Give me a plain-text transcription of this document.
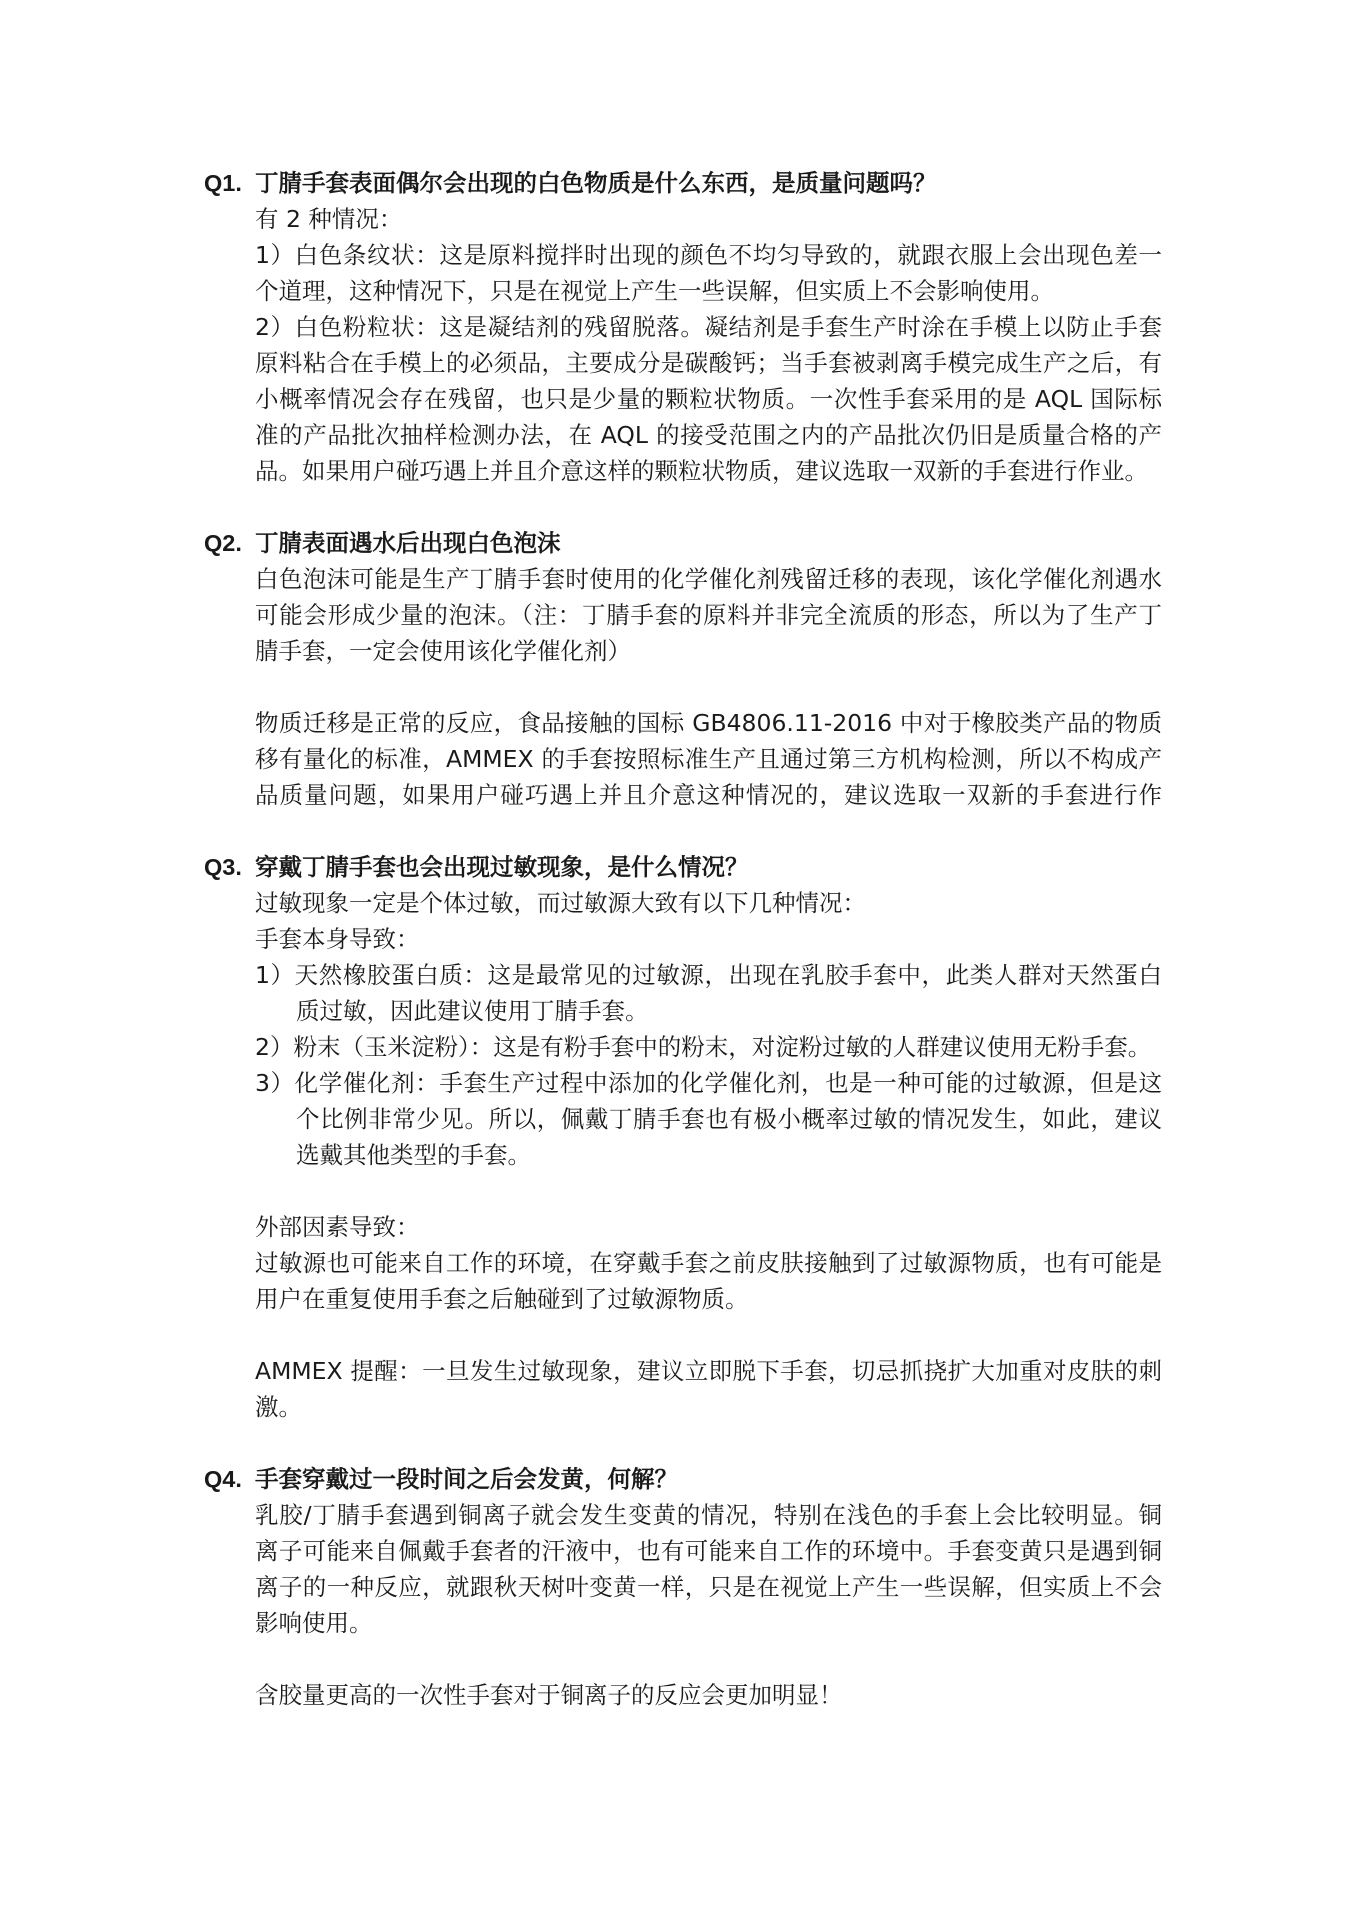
Q1. 丁腈手套表面偶尔会出现的白色物质是什么东西，是质量问题吗？
有 2 种情况：
1）白色条纹状：这是原料搅拌时出现的颜色不均匀导致的，就跟衣服上会出现色差一
个道理，这种情况下，只是在视觉上产生一些误解，但实质上不会影响使用。
2）白色粉粒状：这是凝结剂的残留脱落。凝结剂是手套生产时涂在手模上以防止手套
原料粘合在手模上的必须品，主要成分是碳酸钙；当手套被剥离手模完成生产之后，有
小概率情况会存在残留，也只是少量的颗粒状物质。一次性手套采用的是 AQL 国际标
准的产品批次抽样检测办法，在 AQL 的接受范围之内的产品批次仍旧是质量合格的产
品。如果用户碰巧遇上并且介意这样的颗粒状物质，建议选取一双新的手套进行作业。
Q2. 丁腈表面遇水后出现白色泡沫
白色泡沫可能是生产丁腈手套时使用的化学催化剂残留迁移的表现，该化学催化剂遇水
可能会形成少量的泡沫。（注：丁腈手套的原料并非完全流质的形态，所以为了生产丁
腈手套，一定会使用该化学催化剂）
物质迁移是正常的反应，食品接触的国标 GB4806.11-2016 中对于橡胶类产品的物质
移有量化的标准，AMMEX 的手套按照标准生产且通过第三方机构检测，所以不构成产
品质量问题，如果用户碰巧遇上并且介意这种情况的，建议选取一双新的手套进行作
Q3. 穿戴丁腈手套也会出现过敏现象，是什么情况？
过敏现象一定是个体过敏，而过敏源大致有以下几种情况：
手套本身导致：
1）天然橡胶蛋白质：这是最常见的过敏源，出现在乳胶手套中，此类人群对天然蛋白
质过敏，因此建议使用丁腈手套。
2）粉末（玉米淀粉）：这是有粉手套中的粉末，对淀粉过敏的人群建议使用无粉手套。
3）化学催化剂：手套生产过程中添加的化学催化剂，也是一种可能的过敏源，但是这
个比例非常少见。所以，佩戴丁腈手套也有极小概率过敏的情况发生，如此，建议
选戴其他类型的手套。
外部因素导致：
过敏源也可能来自工作的环境，在穿戴手套之前皮肤接触到了过敏源物质，也有可能是
用户在重复使用手套之后触碰到了过敏源物质。
AMMEX 提醒：一旦发生过敏现象，建议立即脱下手套，切忌抓挠扩大加重对皮肤的刺
激。
Q4. 手套穿戴过一段时间之后会发黄，何解？
乳胶/丁腈手套遇到铜离子就会发生变黄的情况，特别在浅色的手套上会比较明显。铜
离子可能来自佩戴手套者的汗液中，也有可能来自工作的环境中。手套变黄只是遇到铜
离子的一种反应，就跟秋天树叶变黄一样，只是在视觉上产生一些误解，但实质上不会
影响使用。
含胶量更高的一次性手套对于铜离子的反应会更加明显！
